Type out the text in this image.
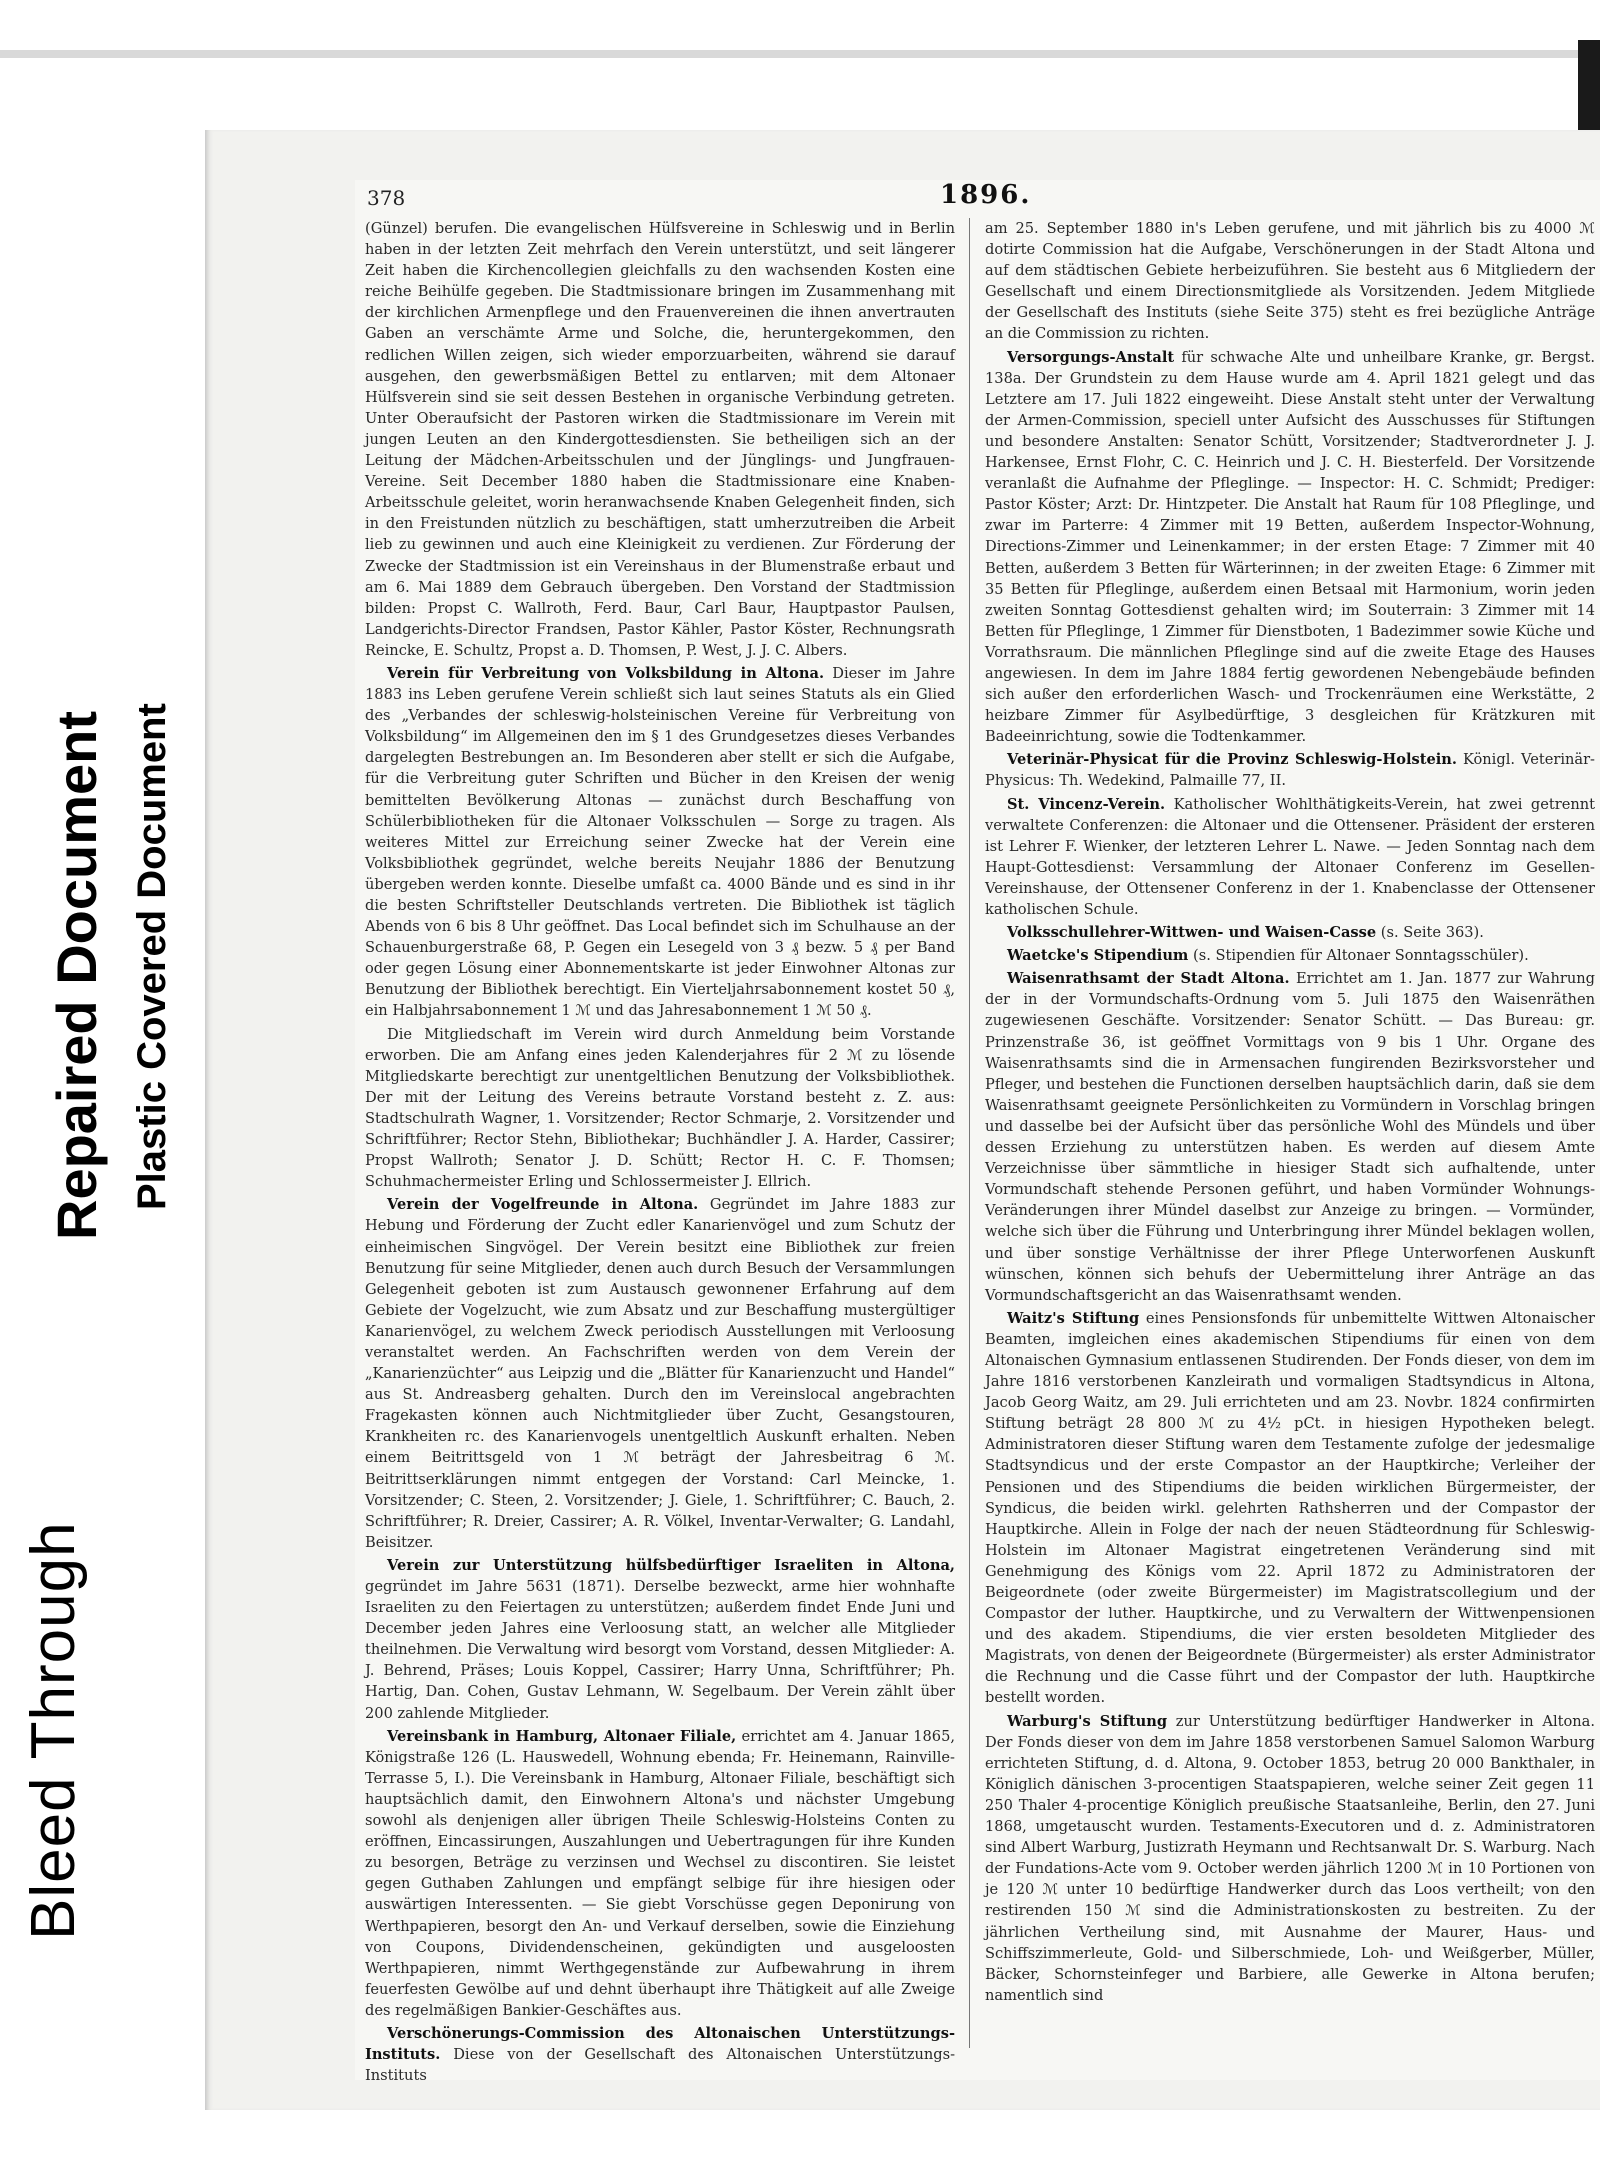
Bleed Through
Repaired Document Plastic Covered Document
378	1896.

(Günzel) berufen. Die evangelischen Hülfsvereine in Schleswig und in Berlin haben in der letzten Zeit mehrfach den Verein unterstützt, und seit längerer Zeit haben die Kirchencollegien gleichfalls zu den wachsenden Kosten eine reiche Beihülfe gegeben. Die Stadtmissionare bringen im Zusammenhang mit der kirchlichen Armenpflege und den Frauenvereinen die ihnen anvertrauten Gaben an verschämte Arme und Solche, die, heruntergekommen, den redlichen Willen zeigen, sich wieder emporzuarbeiten, während sie darauf ausgehen, den gewerbsmäßigen Bettel zu entlarven; mit dem Altonaer Hülfsverein sind sie seit dessen Bestehen in organische Verbindung getreten. Unter Oberaufsicht der Pastoren wirken die Stadtmissionare im Verein mit jungen Leuten an den Kindergottesdiensten. Sie betheiligen sich an der Leitung der Mädchen-Arbeitsschulen und der Jünglings- und Jungfrauen-Vereine. Seit December 1880 haben die Stadtmissionare eine Knaben-Arbeitsschule geleitet, worin heranwachsende Knaben Gelegenheit finden, sich in den Freistunden nützlich zu beschäftigen, statt umherzutreiben die Arbeit lieb zu gewinnen und auch eine Kleinigkeit zu verdienen. Zur Förderung der Zwecke der Stadtmission ist ein Vereinshaus in der Blumenstraße erbaut und am 6. Mai 1889 dem Gebrauch übergeben. Den Vorstand der Stadtmission bilden: Propst C. Wallroth, Ferd. Baur, Carl Baur, Hauptpastor Paulsen, Landgerichts-Director Frandsen, Pastor Kähler, Pastor Köster, Rechnungsrath Reincke, E. Schultz, Propst a. D. Thomsen, P. West, J. J. C. Albers.

Verein für Verbreitung von Volksbildung in Altona. Dieser im Jahre 1883 ins Leben gerufene Verein schließt sich laut seines Statuts als ein Glied des „Verbandes der schleswig-holsteinischen Vereine für Verbreitung von Volksbildung“ im Allgemeinen den im § 1 des Grundgesetzes dieses Verbandes dargelegten Bestrebungen an. Im Besonderen aber stellt er sich die Aufgabe, für die Verbreitung guter Schriften und Bücher in den Kreisen der wenig bemittelten Bevölkerung Altonas — zunächst durch Beschaffung von Schülerbibliotheken für die Altonaer Volksschulen — Sorge zu tragen. Als weiteres Mittel zur Erreichung seiner Zwecke hat der Verein eine Volksbibliothek gegründet, welche bereits Neujahr 1886 der Benutzung übergeben werden konnte. Dieselbe umfaßt ca. 4000 Bände und es sind in ihr die besten Schriftsteller Deutschlands vertreten. Die Bibliothek ist täglich Abends von 6 bis 8 Uhr geöffnet. Das Local befindet sich im Schulhause an der Schauenburgerstraße 68, P. Gegen ein Lesegeld von 3 ₰ bezw. 5 ₰ per Band oder gegen Lösung einer Abonnementskarte ist jeder Einwohner Altonas zur Benutzung der Bibliothek berechtigt. Ein Vierteljahrsabonnement kostet 50 ₰, ein Halbjahrsabonnement 1 ℳ und das Jahresabonnement 1 ℳ 50 ₰.

Die Mitgliedschaft im Verein wird durch Anmeldung beim Vorstande erworben. Die am Anfang eines jeden Kalenderjahres für 2 ℳ zu lösende Mitgliedskarte berechtigt zur unentgeltlichen Benutzung der Volksbibliothek. Der mit der Leitung des Vereins betraute Vorstand besteht z. Z. aus: Stadtschulrath Wagner, 1. Vorsitzender; Rector Schmarje, 2. Vorsitzender und Schriftführer; Rector Stehn, Bibliothekar; Buchhändler J. A. Harder, Cassirer; Propst Wallroth; Senator J. D. Schütt; Rector H. C. F. Thomsen; Schuhmachermeister Erling und Schlossermeister J. Ellrich.

Verein der Vogelfreunde in Altona. Gegründet im Jahre 1883 zur Hebung und Förderung der Zucht edler Kanarienvögel und zum Schutz der einheimischen Singvögel. Der Verein besitzt eine Bibliothek zur freien Benutzung für seine Mitglieder, denen auch durch Besuch der Versammlungen Gelegenheit geboten ist zum Austausch gewonnener Erfahrung auf dem Gebiete der Vogelzucht, wie zum Absatz und zur Beschaffung mustergültiger Kanarienvögel, zu welchem Zweck periodisch Ausstellungen mit Verloosung veranstaltet werden. An Fachschriften werden von dem Verein der „Kanarienzüchter“ aus Leipzig und die „Blätter für Kanarienzucht und Handel“ aus St. Andreasberg gehalten. Durch den im Vereinslocal angebrachten Fragekasten können auch Nichtmitglieder über Zucht, Gesangstouren, Krankheiten rc. des Kanarienvogels unentgeltlich Auskunft erhalten. Neben einem Beitrittsgeld von 1 ℳ beträgt der Jahresbeitrag 6 ℳ. Beitrittserklärungen nimmt entgegen der Vorstand: Carl Meincke, 1. Vorsitzender; C. Steen, 2. Vorsitzender; J. Giele, 1. Schriftführer; C. Bauch, 2. Schriftführer; R. Dreier, Cassirer; A. R. Völkel, Inventar-Verwalter; G. Landahl, Beisitzer.

Verein zur Unterstützung hülfsbedürftiger Israeliten in Altona, gegründet im Jahre 5631 (1871). Derselbe bezweckt, arme hier wohnhafte Israeliten zu den Feiertagen zu unterstützen; außerdem findet Ende Juni und December jeden Jahres eine Verloosung statt, an welcher alle Mitglieder theilnehmen. Die Verwaltung wird besorgt vom Vorstand, dessen Mitglieder: A. J. Behrend, Präses; Louis Koppel, Cassirer; Harry Unna, Schriftführer; Ph. Hartig, Dan. Cohen, Gustav Lehmann, W. Segelbaum. Der Verein zählt über 200 zahlende Mitglieder.

Vereinsbank in Hamburg, Altonaer Filiale, errichtet am 4. Januar 1865, Königstraße 126 (L. Hauswedell, Wohnung ebenda; Fr. Heinemann, Rainville-Terrasse 5, I.). Die Vereinsbank in Hamburg, Altonaer Filiale, beschäftigt sich hauptsächlich damit, den Einwohnern Altona's und nächster Umgebung sowohl als denjenigen aller übrigen Theile Schleswig-Holsteins Conten zu eröffnen, Eincassirungen, Auszahlungen und Uebertragungen für ihre Kunden zu besorgen, Beträge zu verzinsen und Wechsel zu discontiren. Sie leistet gegen Guthaben Zahlungen und empfängt selbige für ihre hiesigen oder auswärtigen Interessenten. — Sie giebt Vorschüsse gegen Deponirung von Werthpapieren, besorgt den An- und Verkauf derselben, sowie die Einziehung von Coupons, Dividendenscheinen, gekündigten und ausgeloosten Werthpapieren, nimmt Werthgegenstände zur Aufbewahrung in ihrem feuerfesten Gewölbe auf und dehnt überhaupt ihre Thätigkeit auf alle Zweige des regelmäßigen Bankier-Geschäftes aus.

Verschönerungs-Commission des Altonaischen Unterstützungs-Instituts. Diese von der Gesellschaft des Altonaischen Unterstützungs-Instituts

am 25. September 1880 in's Leben gerufene, und mit jährlich bis zu 4000 ℳ dotirte Commission hat die Aufgabe, Verschönerungen in der Stadt Altona und auf dem städtischen Gebiete herbeizuführen. Sie besteht aus 6 Mitgliedern der Gesellschaft und einem Directionsmitgliede als Vorsitzenden. Jedem Mitgliede der Gesellschaft des Instituts (siehe Seite 375) steht es frei bezügliche Anträge an die Commission zu richten.

Versorgungs-Anstalt für schwache Alte und unheilbare Kranke, gr. Bergst. 138a. Der Grundstein zu dem Hause wurde am 4. April 1821 gelegt und das Letztere am 17. Juli 1822 eingeweiht. Diese Anstalt steht unter der Verwaltung der Armen-Commission, speciell unter Aufsicht des Ausschusses für Stiftungen und besondere Anstalten: Senator Schütt, Vorsitzender; Stadtverordneter J. J. Harkensee, Ernst Flohr, C. C. Heinrich und J. C. H. Biesterfeld. Der Vorsitzende veranlaßt die Aufnahme der Pfleglinge. — Inspector: H. C. Schmidt; Prediger: Pastor Köster; Arzt: Dr. Hintzpeter. Die Anstalt hat Raum für 108 Pfleglinge, und zwar im Parterre: 4 Zimmer mit 19 Betten, außerdem Inspector-Wohnung, Directions-Zimmer und Leinenkammer; in der ersten Etage: 7 Zimmer mit 40 Betten, außerdem 3 Betten für Wärterinnen; in der zweiten Etage: 6 Zimmer mit 35 Betten für Pfleglinge, außerdem einen Betsaal mit Harmonium, worin jeden zweiten Sonntag Gottesdienst gehalten wird; im Souterrain: 3 Zimmer mit 14 Betten für Pfleglinge, 1 Zimmer für Dienstboten, 1 Badezimmer sowie Küche und Vorrathsraum. Die männlichen Pfleglinge sind auf die zweite Etage des Hauses angewiesen. In dem im Jahre 1884 fertig gewordenen Nebengebäude befinden sich außer den erforderlichen Wasch- und Trockenräumen eine Werkstätte, 2 heizbare Zimmer für Asylbedürftige, 3 desgleichen für Krätzkuren mit Badeeinrichtung, sowie die Todtenkammer.

Veterinär-Physicat für die Provinz Schleswig-Holstein. Königl. Veterinär-Physicus: Th. Wedekind, Palmaille 77, II.

St. Vincenz-Verein. Katholischer Wohlthätigkeits-Verein, hat zwei getrennt verwaltete Conferenzen: die Altonaer und die Ottensener. Präsident der ersteren ist Lehrer F. Wienker, der letzteren Lehrer L. Nawe. — Jeden Sonntag nach dem Haupt-Gottesdienst: Versammlung der Altonaer Conferenz im Gesellen-Vereinshause, der Ottensener Conferenz in der 1. Knabenclasse der Ottensener katholischen Schule.

Volksschullehrer-Wittwen- und Waisen-Casse (s. Seite 363).

Waetcke's Stipendium (s. Stipendien für Altonaer Sonntagsschüler).

Waisenrathsamt der Stadt Altona. Errichtet am 1. Jan. 1877 zur Wahrung der in der Vormundschafts-Ordnung vom 5. Juli 1875 den Waisenräthen zugewiesenen Geschäfte. Vorsitzender: Senator Schütt. — Das Bureau: gr. Prinzenstraße 36, ist geöffnet Vormittags von 9 bis 1 Uhr. Organe des Waisenrathsamts sind die in Armensachen fungirenden Bezirksvorsteher und Pfleger, und bestehen die Functionen derselben hauptsächlich darin, daß sie dem Waisenrathsamt geeignete Persönlichkeiten zu Vormündern in Vorschlag bringen und dasselbe bei der Aufsicht über das persönliche Wohl des Mündels und über dessen Erziehung zu unterstützen haben. Es werden auf diesem Amte Verzeichnisse über sämmtliche in hiesiger Stadt sich aufhaltende, unter Vormundschaft stehende Personen geführt, und haben Vormünder Wohnungs-Veränderungen ihrer Mündel daselbst zur Anzeige zu bringen. — Vormünder, welche sich über die Führung und Unterbringung ihrer Mündel beklagen wollen, und über sonstige Verhältnisse der ihrer Pflege Unterworfenen Auskunft wünschen, können sich behufs der Uebermittelung ihrer Anträge an das Vormundschaftsgericht an das Waisenrathsamt wenden.

Waitz's Stiftung eines Pensionsfonds für unbemittelte Wittwen Altonaischer Beamten, imgleichen eines akademischen Stipendiums für einen von dem Altonaischen Gymnasium entlassenen Studirenden. Der Fonds dieser, von dem im Jahre 1816 verstorbenen Kanzleirath und vormaligen Stadtsyndicus in Altona, Jacob Georg Waitz, am 29. Juli errichteten und am 23. Novbr. 1824 confirmirten Stiftung beträgt 28 800 ℳ zu 4½ pCt. in hiesigen Hypotheken belegt. Administratoren dieser Stiftung waren dem Testamente zufolge der jedesmalige Stadtsyndicus und der erste Compastor an der Hauptkirche; Verleiher der Pensionen und des Stipendiums die beiden wirklichen Bürgermeister, der Syndicus, die beiden wirkl. gelehrten Rathsherren und der Compastor der Hauptkirche. Allein in Folge der nach der neuen Städteordnung für Schleswig-Holstein im Altonaer Magistrat eingetretenen Veränderung sind mit Genehmigung des Königs vom 22. April 1872 zu Administratoren der Beigeordnete (oder zweite Bürgermeister) im Magistratscollegium und der Compastor der luther. Hauptkirche, und zu Verwaltern der Wittwenpensionen und des akadem. Stipendiums, die vier ersten besoldeten Mitglieder des Magistrats, von denen der Beigeordnete (Bürgermeister) als erster Administrator die Rechnung und die Casse führt und der Compastor der luth. Hauptkirche bestellt worden.

Warburg's Stiftung zur Unterstützung bedürftiger Handwerker in Altona. Der Fonds dieser von dem im Jahre 1858 verstorbenen Samuel Salomon Warburg errichteten Stiftung, d. d. Altona, 9. October 1853, betrug 20 000 Bankthaler, in Königlich dänischen 3-procentigen Staatspapieren, welche seiner Zeit gegen 11 250 Thaler 4-procentige Königlich preußische Staatsanleihe, Berlin, den 27. Juni 1868, umgetauscht wurden. Testaments-Executoren und d. z. Administratoren sind Albert Warburg, Justizrath Heymann und Rechtsanwalt Dr. S. Warburg. Nach der Fundations-Acte vom 9. October werden jährlich 1200 ℳ in 10 Portionen von je 120 ℳ unter 10 bedürftige Handwerker durch das Loos vertheilt; von den restirenden 150 ℳ sind die Administrationskosten zu bestreiten. Zu der jährlichen Vertheilung sind, mit Ausnahme der Maurer, Haus- und Schiffszimmerleute, Gold- und Silberschmiede, Loh- und Weißgerber, Müller, Bäcker, Schornsteinfeger und Barbiere, alle Gewerke in Altona berufen; namentlich sind
